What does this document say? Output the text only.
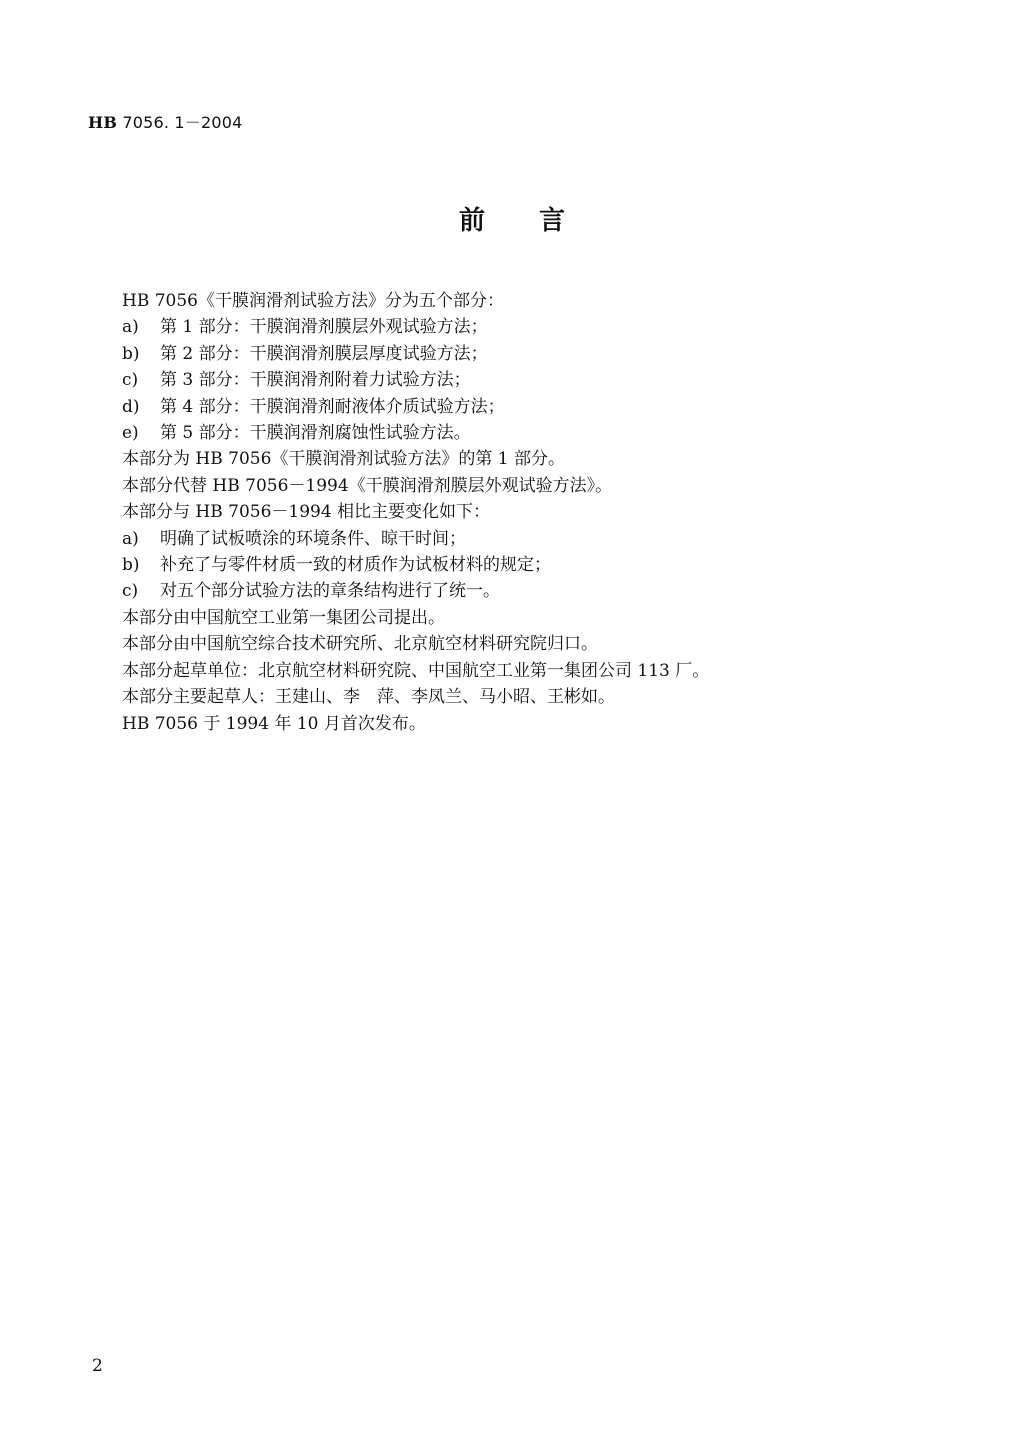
HB 7056. 1－2004
前言
HB 7056《干膜润滑剂试验方法》分为五个部分：
a)	第 1 部分：干膜润滑剂膜层外观试验方法；
b)	第 2 部分：干膜润滑剂膜层厚度试验方法；
c)	第 3 部分：干膜润滑剂附着力试验方法；
d)	第 4 部分：干膜润滑剂耐液体介质试验方法；
e)	第 5 部分：干膜润滑剂腐蚀性试验方法。
本部分为 HB 7056《干膜润滑剂试验方法》的第 1 部分。
本部分代替 HB 7056－1994《干膜润滑剂膜层外观试验方法》。
本部分与 HB 7056－1994 相比主要变化如下：
a)	明确了试板喷涂的环境条件、晾干时间；
b)	补充了与零件材质一致的材质作为试板材料的规定；
c)	对五个部分试验方法的章条结构进行了统一。
本部分由中国航空工业第一集团公司提出。
本部分由中国航空综合技术研究所、北京航空材料研究院归口。
本部分起草单位：北京航空材料研究院、中国航空工业第一集团公司 113 厂。
本部分主要起草人：王建山、李　萍、李凤兰、马小昭、王彬如。
HB 7056 于 1994 年 10 月首次发布。
2
